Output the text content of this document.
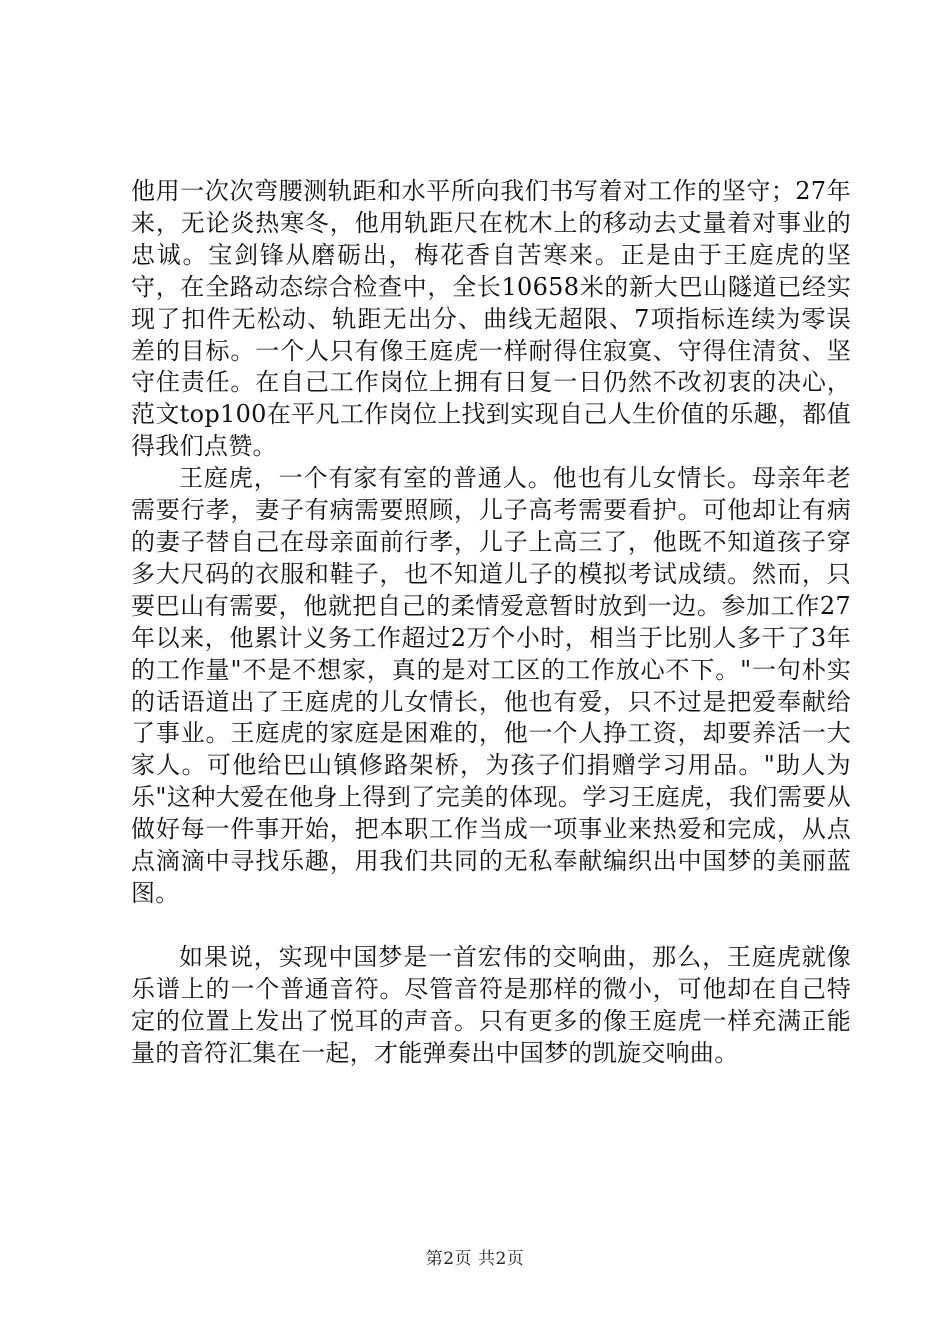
他用一次次弯腰测轨距和水平所向我们书写着对工作的坚守；27年来，无论炎热寒冬，他用轨距尺在枕木上的移动去丈量着对事业的忠诚。宝剑锋从磨砺出，梅花香自苦寒来。正是由于王庭虎的坚守，在全路动态综合检查中，全长10658米的新大巴山隧道已经实现了扣件无松动、轨距无出分、曲线无超限、7项指标连续为零误差的目标。一个人只有像王庭虎一样耐得住寂寞、守得住清贫、坚守住责任。在自己工作岗位上拥有日复一日仍然不改初衷的决心，范文top100在平凡工作岗位上找到实现自己人生价值的乐趣，都值得我们点赞。

王庭虎，一个有家有室的普通人。他也有儿女情长。母亲年老需要行孝，妻子有病需要照顾，儿子高考需要看护。可他却让有病的妻子替自己在母亲面前行孝，儿子上高三了，他既不知道孩子穿多大尺码的衣服和鞋子，也不知道儿子的模拟考试成绩。然而，只要巴山有需要，他就把自己的柔情爱意暂时放到一边。参加工作27年以来，他累计义务工作超过2万个小时，相当于比别人多干了3年的工作量"不是不想家，真的是对工区的工作放心不下。"一句朴实的话语道出了王庭虎的儿女情长，他也有爱，只不过是把爱奉献给了事业。王庭虎的家庭是困难的，他一个人挣工资，却要养活一大家人。可他给巴山镇修路架桥，为孩子们捐赠学习用品。"助人为乐"这种大爱在他身上得到了完美的体现。学习王庭虎，我们需要从做好每一件事开始，把本职工作当成一项事业来热爱和完成，从点点滴滴中寻找乐趣，用我们共同的无私奉献编织出中国梦的美丽蓝图。

如果说，实现中国梦是一首宏伟的交响曲，那么，王庭虎就像乐谱上的一个普通音符。尽管音符是那样的微小，可他却在自己特定的位置上发出了悦耳的声音。只有更多的像王庭虎一样充满正能量的音符汇集在一起，才能弹奏出中国梦的凯旋交响曲。

第2页 共2页
